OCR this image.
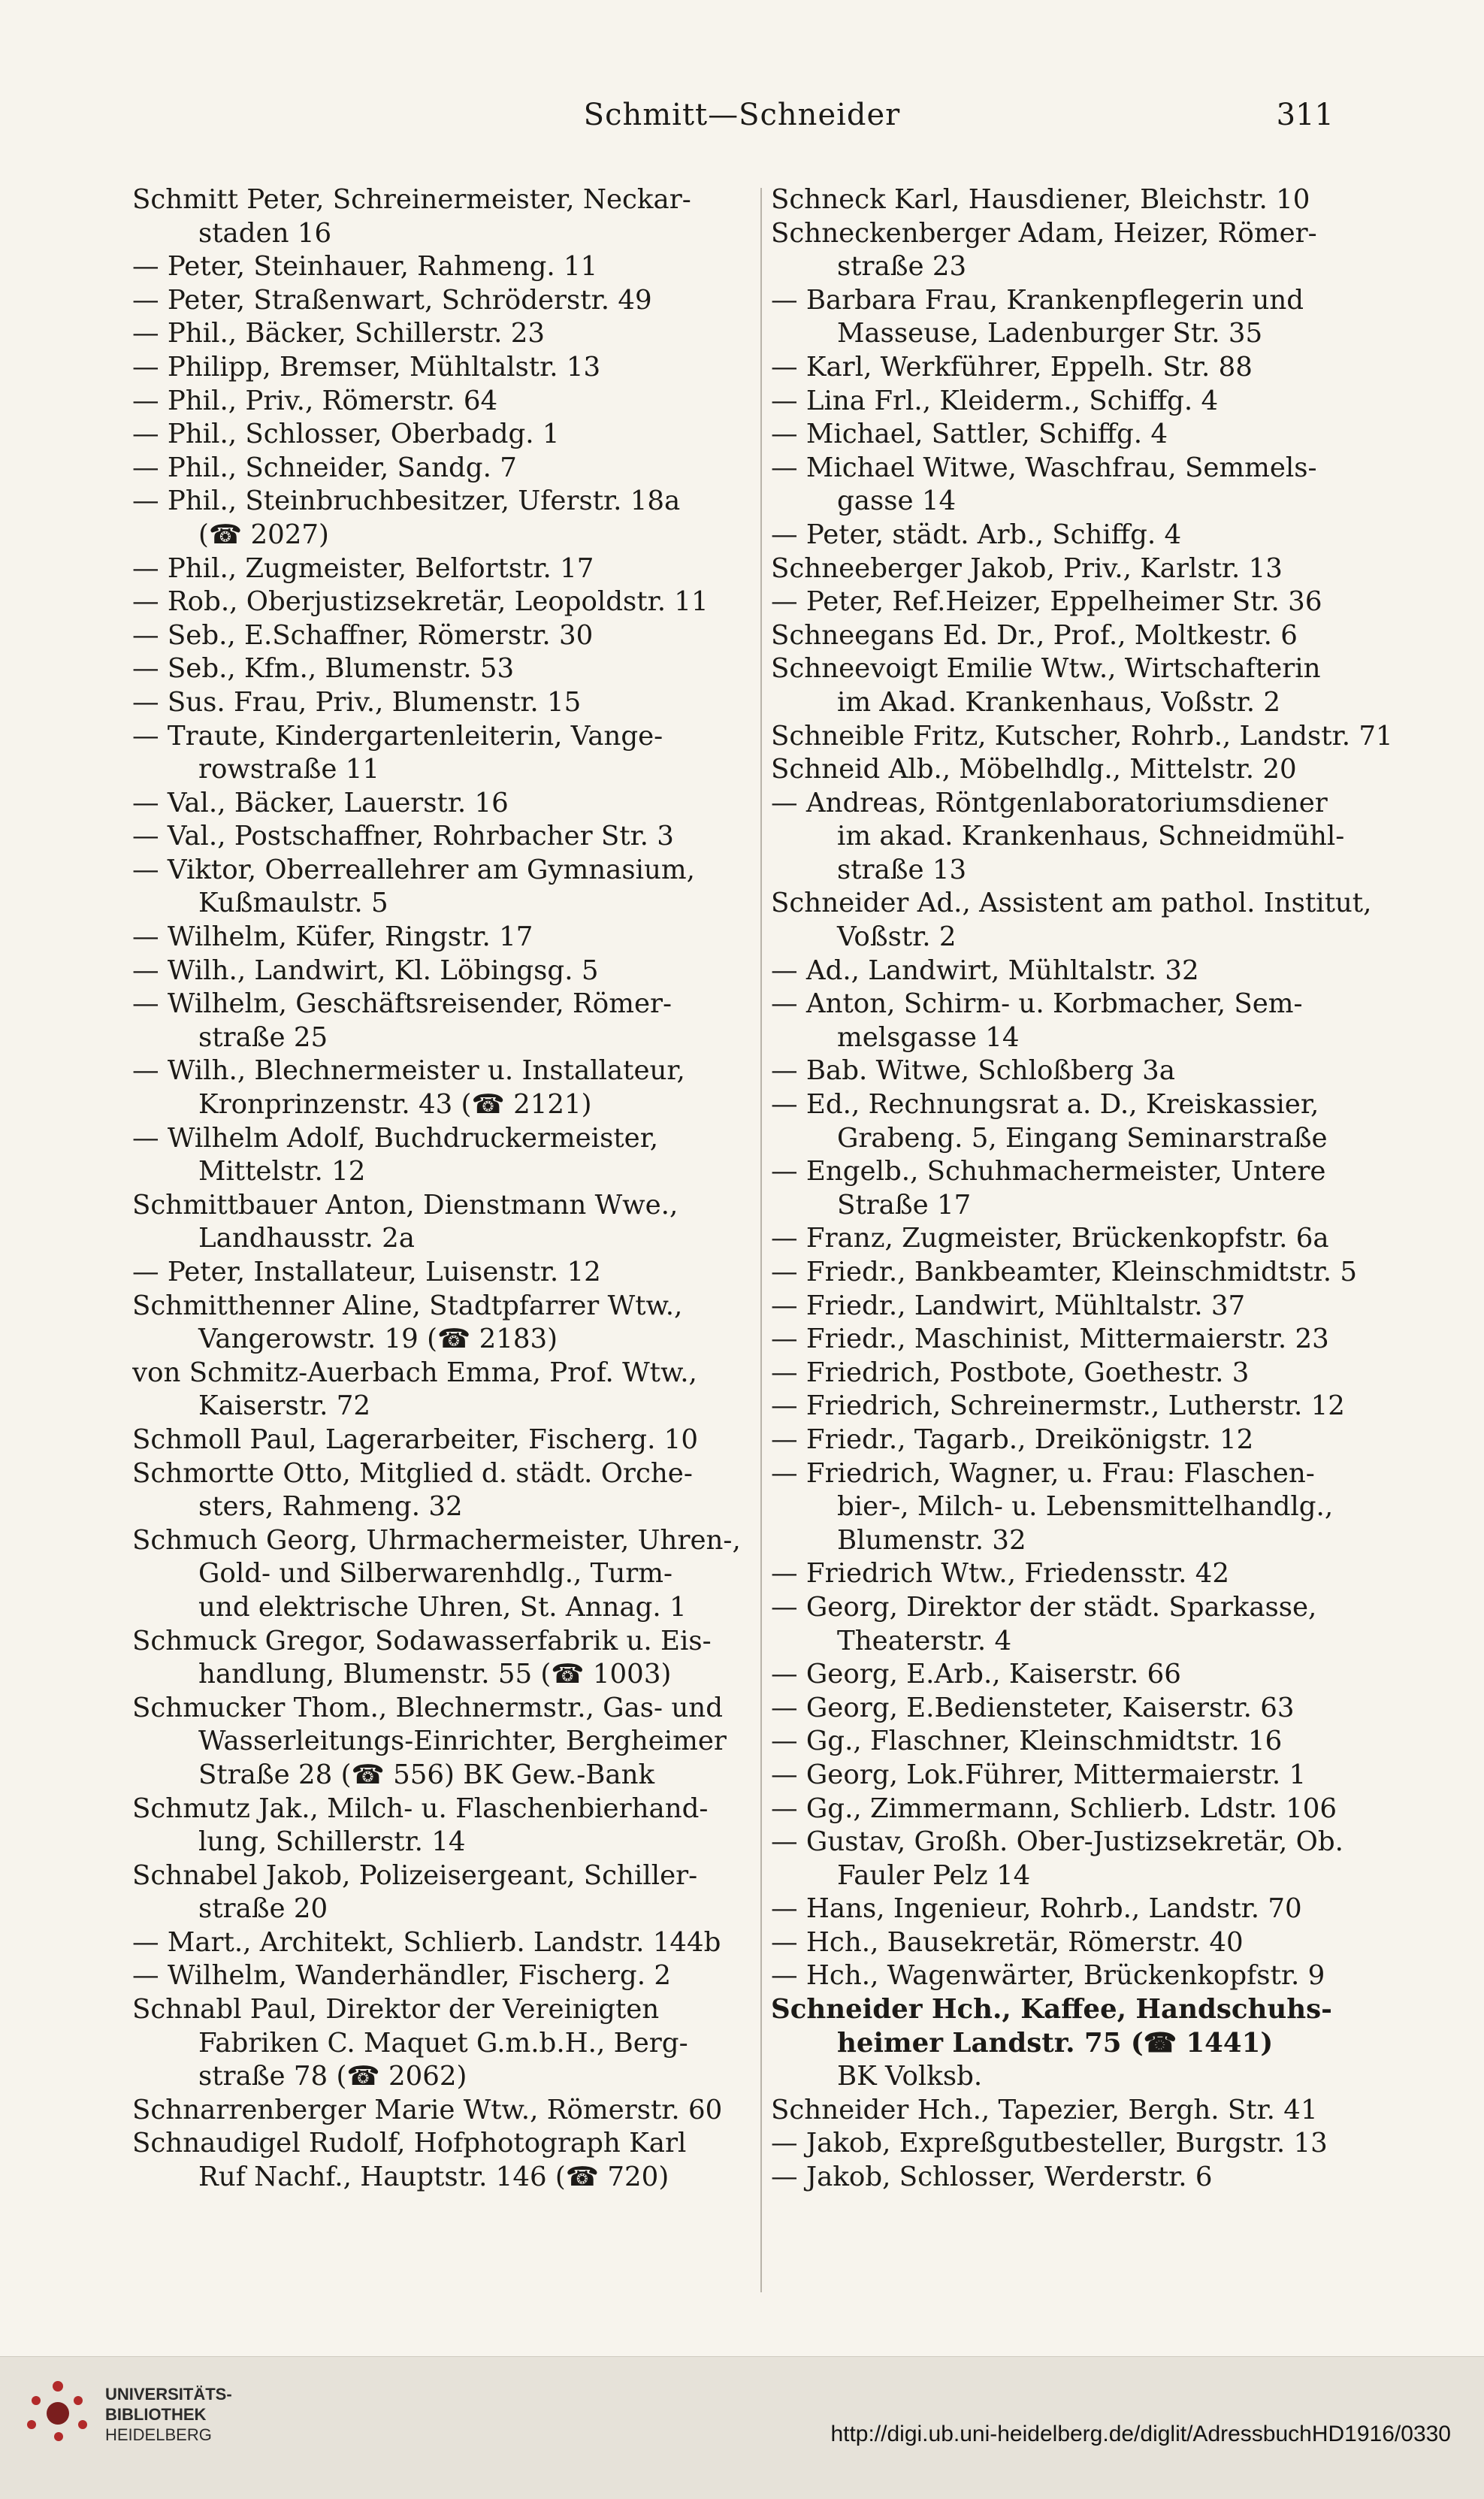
Schmitt—Schneider	311
Schmitt Peter, Schreinermeister, Neckar-
staden 16
— Peter, Steinhauer, Rahmeng. 11
— Peter, Straßenwart, Schröderstr. 49
— Phil., Bäcker, Schillerstr. 23
— Philipp, Bremser, Mühltalstr. 13
— Phil., Priv., Römerstr. 64
— Phil., Schlosser, Oberbadg. 1
— Phil., Schneider, Sandg. 7
— Phil., Steinbruchbesitzer, Uferstr. 18a
(☎ 2027)
— Phil., Zugmeister, Belfortstr. 17
— Rob., Oberjustizsekretär, Leopoldstr. 11
— Seb., E.Schaffner, Römerstr. 30
— Seb., Kfm., Blumenstr. 53
— Sus. Frau, Priv., Blumenstr. 15
— Traute, Kindergartenleiterin, Vange-
rowstraße 11
— Val., Bäcker, Lauerstr. 16
— Val., Postschaffner, Rohrbacher Str. 3
— Viktor, Oberreallehrer am Gymnasium,
Kußmaulstr. 5
— Wilhelm, Küfer, Ringstr. 17
— Wilh., Landwirt, Kl. Löbingsg. 5
— Wilhelm, Geschäftsreisender, Römer-
straße 25
— Wilh., Blechnermeister u. Installateur,
Kronprinzenstr. 43 (☎ 2121)
— Wilhelm Adolf, Buchdruckermeister,
Mittelstr. 12
Schmittbauer Anton, Dienstmann Wwe.,
Landhausstr. 2a
— Peter, Installateur, Luisenstr. 12
Schmitthenner Aline, Stadtpfarrer Wtw.,
Vangerowstr. 19 (☎ 2183)
von Schmitz-Auerbach Emma, Prof. Wtw.,
Kaiserstr. 72
Schmoll Paul, Lagerarbeiter, Fischerg. 10
Schmortte Otto, Mitglied d. städt. Orche-
sters, Rahmeng. 32
Schmuch Georg, Uhrmachermeister, Uhren-,
Gold- und Silberwarenhdlg., Turm-
und elektrische Uhren, St. Annag. 1
Schmuck Gregor, Sodawasserfabrik u. Eis-
handlung, Blumenstr. 55 (☎ 1003)
Schmucker Thom., Blechnermstr., Gas- und
Wasserleitungs-Einrichter, Bergheimer
Straße 28 (☎ 556) BK Gew.-Bank
Schmutz Jak., Milch- u. Flaschenbierhand-
lung, Schillerstr. 14
Schnabel Jakob, Polizeisergeant, Schiller-
straße 20
— Mart., Architekt, Schlierb. Landstr. 144b
— Wilhelm, Wanderhändler, Fischerg. 2
Schnabl Paul, Direktor der Vereinigten
Fabriken C. Maquet G.m.b.H., Berg-
straße 78 (☎ 2062)
Schnarrenberger Marie Wtw., Römerstr. 60
Schnaudigel Rudolf, Hofphotograph Karl
Ruf Nachf., Hauptstr. 146 (☎ 720)
Schneck Karl, Hausdiener, Bleichstr. 10
Schneckenberger Adam, Heizer, Römer-
straße 23
— Barbara Frau, Krankenpflegerin und
Masseuse, Ladenburger Str. 35
— Karl, Werkführer, Eppelh. Str. 88
— Lina Frl., Kleiderm., Schiffg. 4
— Michael, Sattler, Schiffg. 4
— Michael Witwe, Waschfrau, Semmels-
gasse 14
— Peter, städt. Arb., Schiffg. 4
Schneeberger Jakob, Priv., Karlstr. 13
— Peter, Ref.Heizer, Eppelheimer Str. 36
Schneegans Ed. Dr., Prof., Moltkestr. 6
Schneevoigt Emilie Wtw., Wirtschafterin
im Akad. Krankenhaus, Voßstr. 2
Schneible Fritz, Kutscher, Rohrb., Landstr. 71
Schneid Alb., Möbelhdlg., Mittelstr. 20
— Andreas, Röntgenlaboratoriumsdiener
im akad. Krankenhaus, Schneidmühl-
straße 13
Schneider Ad., Assistent am pathol. Institut,
Voßstr. 2
— Ad., Landwirt, Mühltalstr. 32
— Anton, Schirm- u. Korbmacher, Sem-
melsgasse 14
— Bab. Witwe, Schloßberg 3a
— Ed., Rechnungsrat a. D., Kreiskassier,
Grabeng. 5, Eingang Seminarstraße
— Engelb., Schuhmachermeister, Untere
Straße 17
— Franz, Zugmeister, Brückenkopfstr. 6a
— Friedr., Bankbeamter, Kleinschmidtstr. 5
— Friedr., Landwirt, Mühltalstr. 37
— Friedr., Maschinist, Mittermaierstr. 23
— Friedrich, Postbote, Goethestr. 3
— Friedrich, Schreinermstr., Lutherstr. 12
— Friedr., Tagarb., Dreikönigstr. 12
— Friedrich, Wagner, u. Frau: Flaschen-
bier-, Milch- u. Lebensmittelhandlg.,
Blumenstr. 32
— Friedrich Wtw., Friedensstr. 42
— Georg, Direktor der städt. Sparkasse,
Theaterstr. 4
— Georg, E.Arb., Kaiserstr. 66
— Georg, E.Bediensteter, Kaiserstr. 63
— Gg., Flaschner, Kleinschmidtstr. 16
— Georg, Lok.Führer, Mittermaierstr. 1
— Gg., Zimmermann, Schlierb. Ldstr. 106
— Gustav, Großh. Ober-Justizsekretär, Ob.
Fauler Pelz 14
— Hans, Ingenieur, Rohrb., Landstr. 70
— Hch., Bausekretär, Römerstr. 40
— Hch., Wagenwärter, Brückenkopfstr. 9
Schneider Hch., Kaffee, Handschuhs-
heimer Landstr. 75 (☎ 1441)
BK Volksb.
Schneider Hch., Tapezier, Bergh. Str. 41
— Jakob, Expreßgutbesteller, Burgstr. 13
— Jakob, Schlosser, Werderstr. 6
UNIVERSITÄTS-
BIBLIOTHEK
HEIDELBERG	http://digi.ub.uni-heidelberg.de/diglit/AdressbuchHD1916/0330
